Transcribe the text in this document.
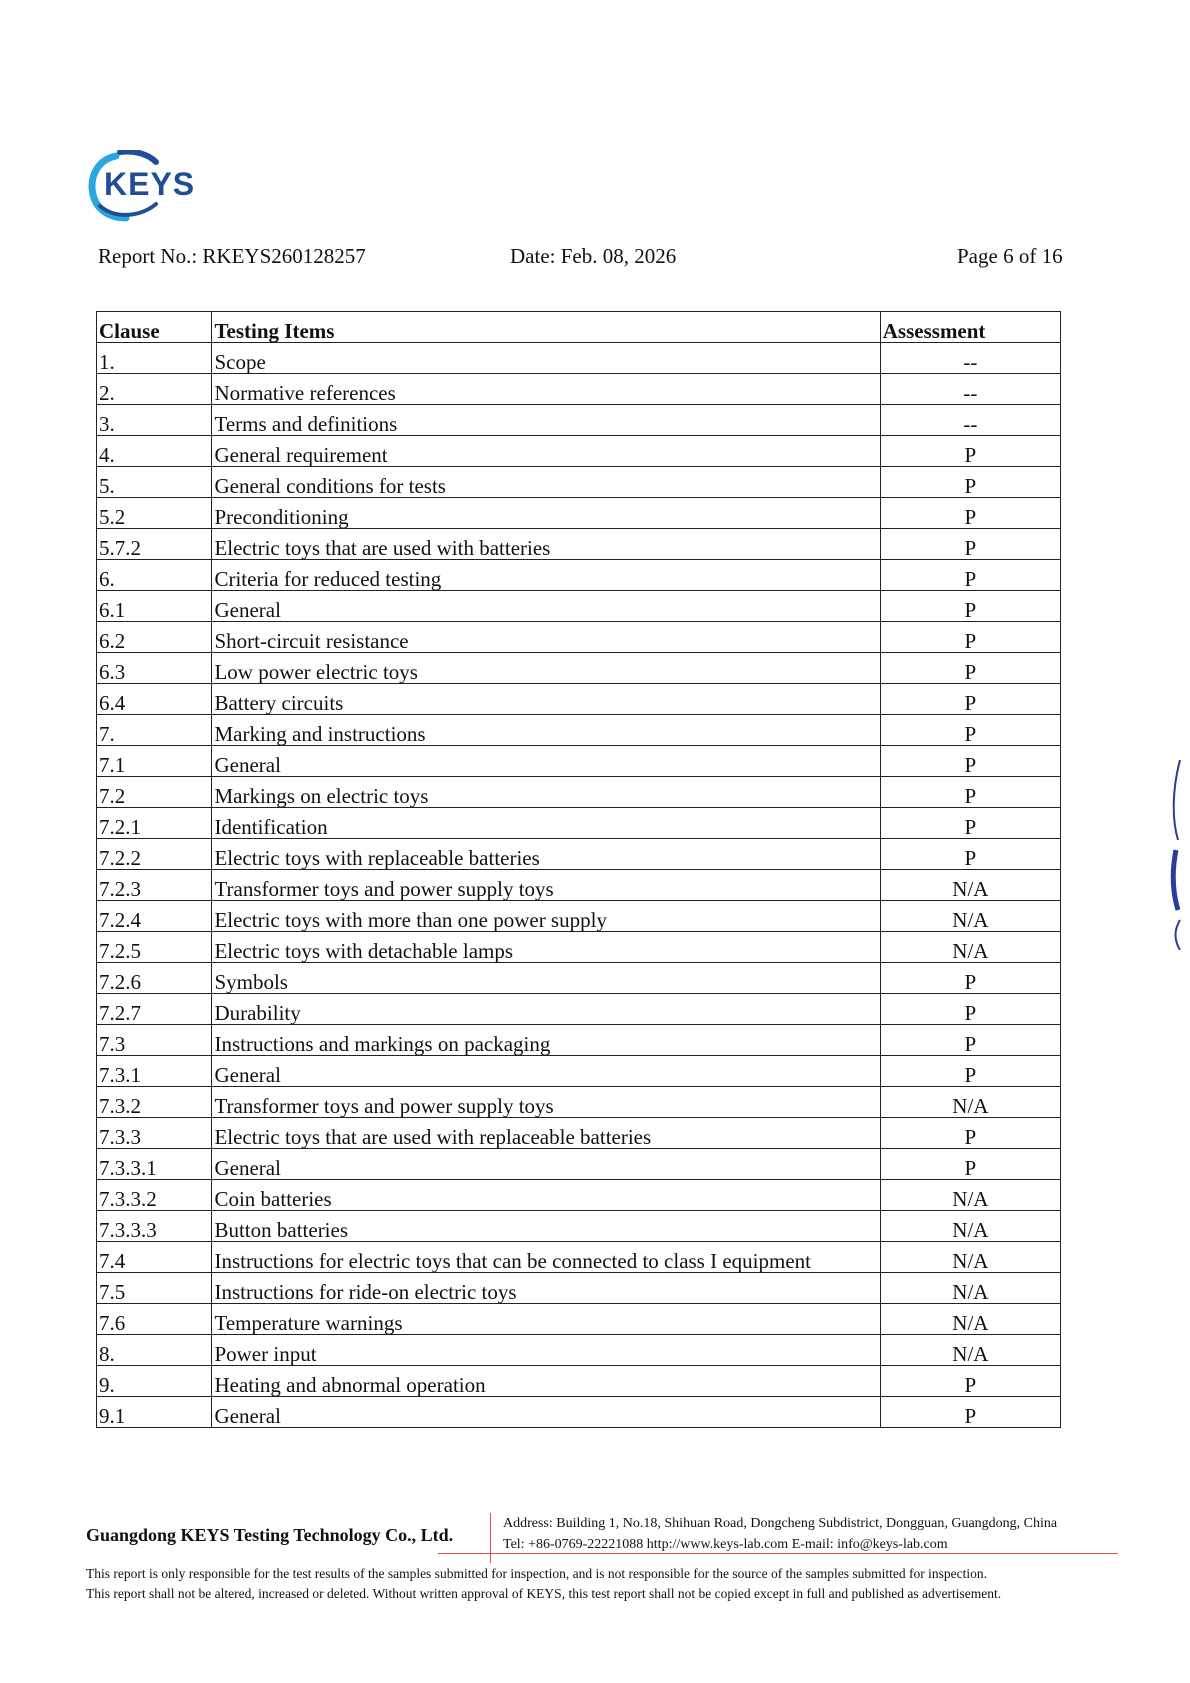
KEYS
Report No.: RKEYS260128257	Date: Feb. 08, 2026	Page 6 of 16
Clause	Testing Items	Assessment
1.	Scope	--
2.	Normative references	--
3.	Terms and definitions	--
4.	General requirement	P
5.	General conditions for tests	P
5.2	Preconditioning	P
5.7.2	Electric toys that are used with batteries	P
6.	Criteria for reduced testing	P
6.1	General	P
6.2	Short-circuit resistance	P
6.3	Low power electric toys	P
6.4	Battery circuits	P
7.	Marking and instructions	P
7.1	General	P
7.2	Markings on electric toys	P
7.2.1	Identification	P
7.2.2	Electric toys with replaceable batteries	P
7.2.3	Transformer toys and power supply toys	N/A
7.2.4	Electric toys with more than one power supply	N/A
7.2.5	Electric toys with detachable lamps	N/A
7.2.6	Symbols	P
7.2.7	Durability	P
7.3	Instructions and markings on packaging	P
7.3.1	General	P
7.3.2	Transformer toys and power supply toys	N/A
7.3.3	Electric toys that are used with replaceable batteries	P
7.3.3.1	General	P
7.3.3.2	Coin batteries	N/A
7.3.3.3	Button batteries	N/A
7.4	Instructions for electric toys that can be connected to class I equipment	N/A
7.5	Instructions for ride-on electric toys	N/A
7.6	Temperature warnings	N/A
8.	Power input	N/A
9.	Heating and abnormal operation	P
9.1	General	P
Guangdong KEYS Testing Technology Co., Ltd.
Address: Building 1, No.18, Shihuan Road, Dongcheng Subdistrict, Dongguan, Guangdong, China
Tel: +86-0769-22221088 http://www.keys-lab.com E-mail: info@keys-lab.com
This report is only responsible for the test results of the samples submitted for inspection, and is not responsible for the source of the samples submitted for inspection.
This report shall not be altered, increased or deleted. Without written approval of KEYS, this test report shall not be copied except in full and published as advertisement.
